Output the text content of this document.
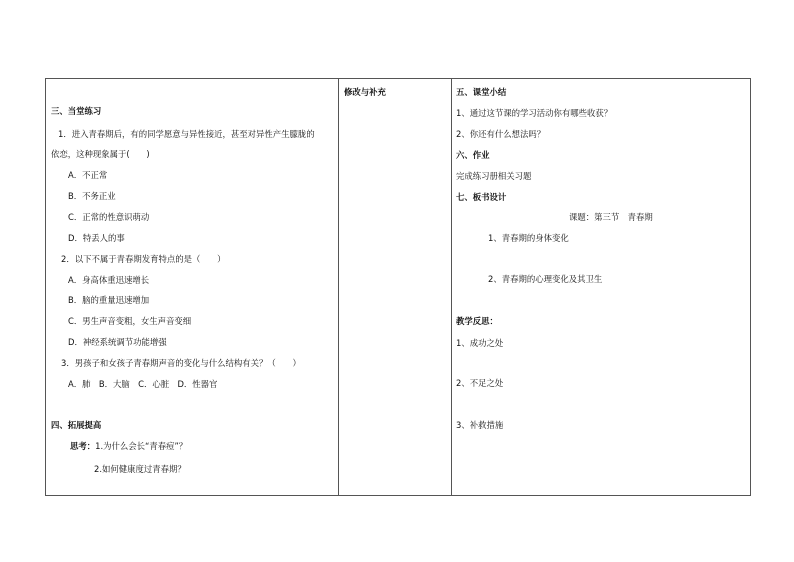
三、当堂练习
1．进入青春期后，有的同学愿意与异性接近，甚至对异性产生朦胧的
依恋，这种现象属于(　　)
A．不正常
B．不务正业
C．正常的性意识萌动
D．特丢人的事
2．以下不属于青春期发育特点的是（　　）
A．身高体重迅速增长
B．脑的重量迅速增加
C．男生声音变粗，女生声音变细
D．神经系统调节功能增强
3．男孩子和女孩子青春期声音的变化与什么结构有关？（　　）
A．肺　B．大脑　C．心脏　D．性器官
四、拓展提高
思考：1.为什么会长“青春痘”？
2.如何健康度过青春期？
修改与补充	五、课堂小结
1、通过这节课的学习活动你有哪些收获？
2、你还有什么想法吗？
六、作业
完成练习册相关习题
七、板书设计
课题：第三节　青春期
1、青春期的身体变化
2、青春期的心理变化及其卫生
教学反思：
1、成功之处
2、不足之处
3、补救措施
